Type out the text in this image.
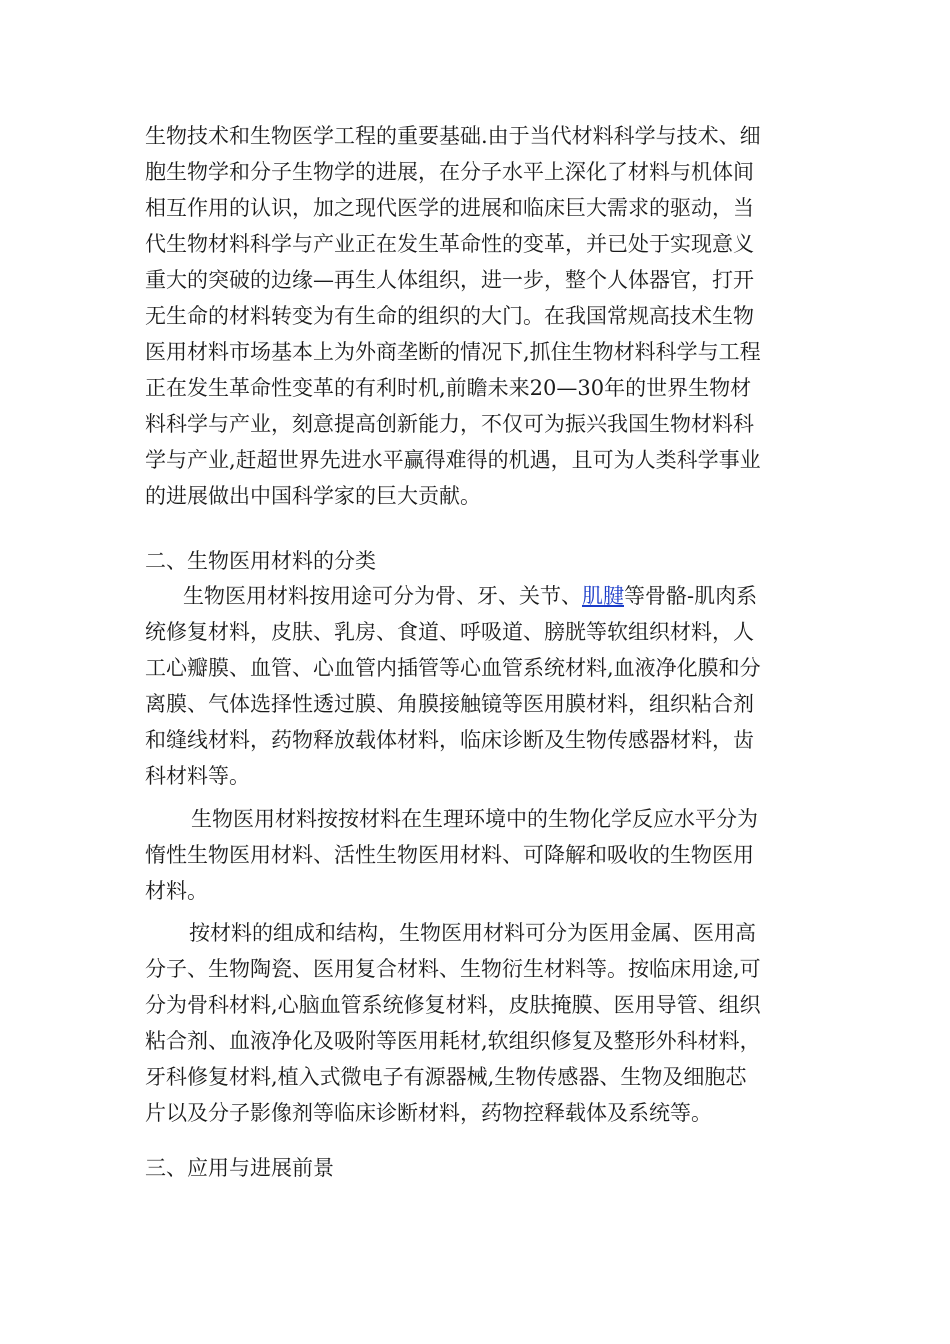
生物技术和生物医学工程的重要基础.由于当代材料科学与技术、细

胞生物学和分子生物学的进展，在分子水平上深化了材料与机体间

相互作用的认识，加之现代医学的进展和临床巨大需求的驱动，当

代生物材料科学与产业正在发生革命性的变革，并已处于实现意义

重大的突破的边缘—再生人体组织，进一步，整个人体器官，打开

无生命的材料转变为有生命的组织的大门。在我国常规高技术生物

医用材料市场基本上为外商垄断的情况下,抓住生物材料科学与工程

正在发生革命性变革的有利时机,前瞻未来20—30年的世界生物材

料科学与产业，刻意提高创新能力，不仅可为振兴我国生物材料科

学与产业,赶超世界先进水平赢得难得的机遇，且可为人类科学事业

的进展做出中国科学家的巨大贡献。

二、生物医用材料的分类

生物医用材料按用途可分为骨、牙、关节、肌腱等骨骼-肌肉系

统修复材料，皮肤、乳房、食道、呼吸道、膀胱等软组织材料，人

工心瓣膜、血管、心血管内插管等心血管系统材料,血液净化膜和分

离膜、气体选择性透过膜、角膜接触镜等医用膜材料，组织粘合剂

和缝线材料，药物释放载体材料，临床诊断及生物传感器材料，齿

科材料等。

生物医用材料按按材料在生理环境中的生物化学反应水平分为

惰性生物医用材料、活性生物医用材料、可降解和吸收的生物医用

材料。

按材料的组成和结构，生物医用材料可分为医用金属、医用高

分子、生物陶瓷、医用复合材料、生物衍生材料等。按临床用途,可

分为骨科材料,心脑血管系统修复材料，皮肤掩膜、医用导管、组织

粘合剂、血液净化及吸附等医用耗材,软组织修复及整形外科材料，

牙科修复材料,植入式微电子有源器械,生物传感器、生物及细胞芯

片以及分子影像剂等临床诊断材料，药物控释载体及系统等。

三、应用与进展前景
